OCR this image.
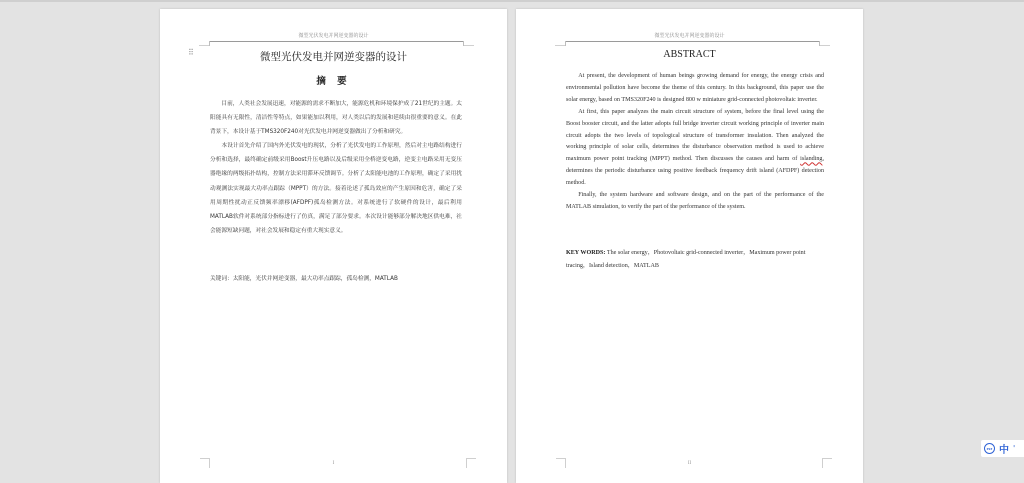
微型光伏发电并网逆变器的设计
⠿	微型光伏发电并网逆变器的设计
摘 要

目前，人类社会发展迅速，对能源的需求不断加大，能源危机和环境保护成了21世纪的主题。太阳能具有无限性，清洁性等特点，如果能加以利用，对人类以后的发展和延续由很重要的意义。在此背景下，本设计基于TMS320F240对光伏发电并网逆变器做出了分析和研究。

本设计首先介绍了国内外光伏发电的现状，分析了光伏发电的工作原理，然后对主电路结构进行分析和选择，最终确定前级采用Boost升压电路以及后级采用全桥逆变电路，逆变主电路采用无变压器绝缘的两级拓扑结构，控制方法采用滞环反馈调节。分析了太阳能电池的工作原理，确定了采用扰动观测法实现最大功率点跟踪（MPPT）的方法。接着论述了孤岛效应的产生原因和危害，确定了采用周期性扰动正反馈频率漂移(AFDPF)孤岛检测方法。对系统进行了软硬件的设计，最后利用MATLAB软件对系统部分指标进行了仿真，满足了部分要求。本次设计能够部分解决地区供电难，社会能源短缺问题，对社会发展和稳定有重大现实意义。

关键词：太阳能，光伏并网逆变器，最大功率点跟踪，孤岛检测，MATLAB
I
微型光伏发电并网逆变器的设计
ABSTRACT

At present, the development of human beings growing demand for energy, the energy crisis and environmental pollution have become the theme of this century. In this background, this paper use the solar energy, based on TMS320F240 is designed 800 w miniature grid-connected photovoltaic inverter.

At first, this paper analyzes the main circuit structure of system, before the final level using the Boost booster circuit, and the latter adopts full bridge inverter circuit working principle of inverter main circuit adopts the two levels of topological structure of transformer insulation. Then analyzed the working principle of solar cells, determines the disturbance observation method is used to achieve maximum power point tracking (MPPT) method. Then discusses the causes and harm of islanding, determines the periodic disturbance using positive feedback frequency drift island (AFDPF) detection method.

Finally, the system hardware and software design, and on the part of the performance of the MATLAB simulation, to verify the part of the performance of the system.

KEY WORDS: The solar energy，Photovoltaic grid-connected inverter，Maximum power point tracing，Island detection，MATLAB
II
PLT 中 '
